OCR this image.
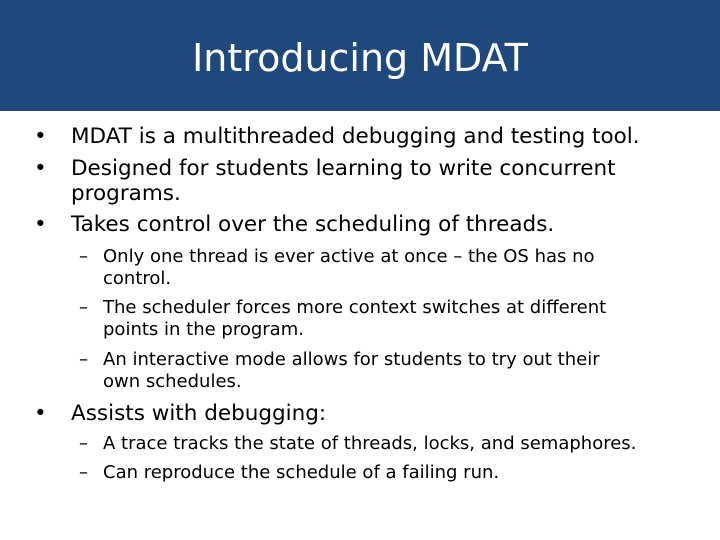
Introducing MDAT
•	MDAT is a multithreaded debugging and testing tool.
•	Designed for students learning to write concurrent
programs.
•	Takes control over the scheduling of threads.
– Only one thread is ever active at once – the OS has no
control.
– The scheduler forces more context switches at different
points in the program.
– An interactive mode allows for students to try out their
own schedules.
•	Assists with debugging:
– A trace tracks the state of threads, locks, and semaphores.
– Can reproduce the schedule of a failing run.
